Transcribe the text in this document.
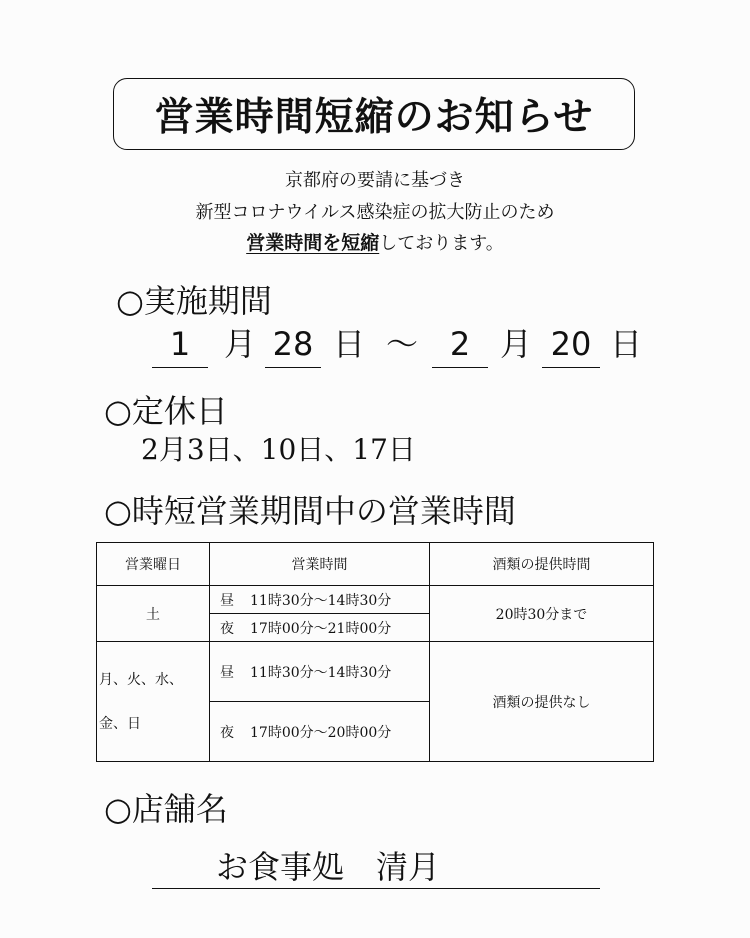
営業時間短縮のお知らせ
京都府の要請に基づき
新型コロナウイルス感染症の拡大防止のため
営業時間を短縮しております。
○実施期間
1	月 28 日 ～ 2 月 20 日
○定休日
2月3日、10日、17日
○時短営業期間中の営業時間
営業曜日	営業時間	酒類の提供時間
土	昼 11時30分～14時30分	20時30分まで
	夜 17時00分～21時00分	

月、火、水、
金、日	昼 11時30分～14時30分	酒類の提供なし
	夜 17時00分～20時00分	
○店舗名
お食事処　清月
